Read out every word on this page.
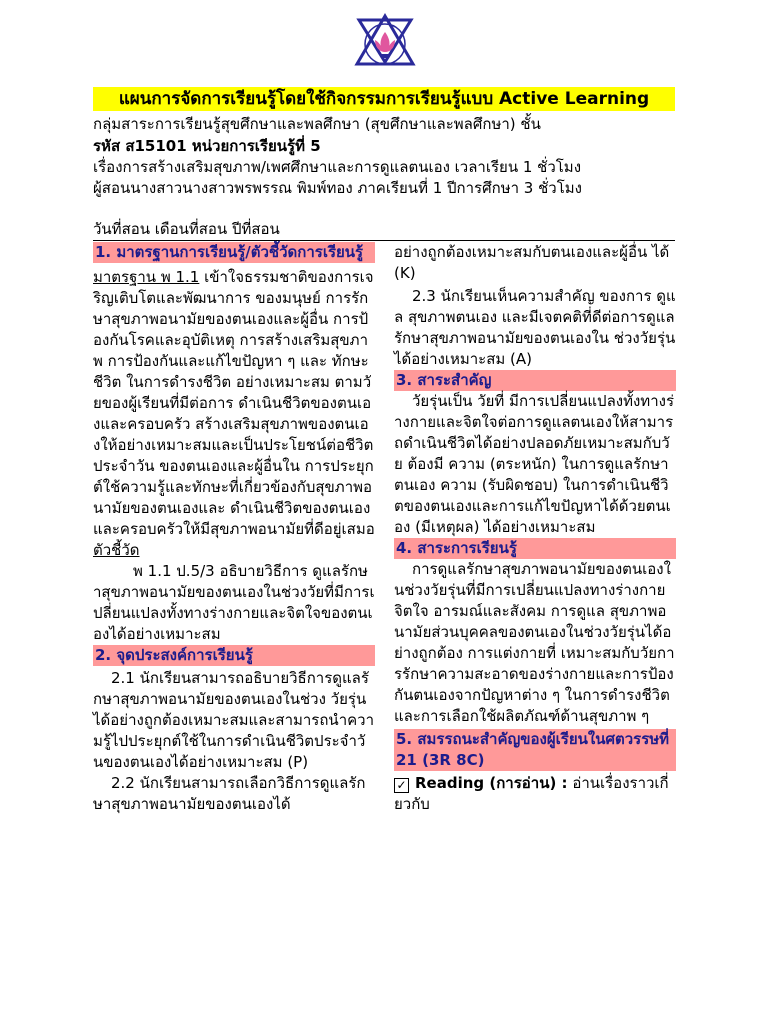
แผนการจัดการเรียนรู้โดยใช้กิจกรรมการเรียนรู้แบบ Active Learning
กลุ่มสาระการเรียนรู้สุขศึกษาและพลศึกษา (สุขศึกษาและพลศึกษา) ชั้น
รหัส ส15101 หน่วยการเรียนรู้ที่ 5
เรื่องการสร้างเสริมสุขภาพ/เพศศึกษาและการดูแลตนเอง เวลาเรียน 1 ชั่วโมง
ผู้สอนนางสาวนางสาวพรพรรณ พิมพ์ทอง ภาคเรียนที่ 1 ปีการศึกษา 3 ชั่วโมง
วันที่สอน เดือนที่สอน ปีที่สอน

1. มาตรฐานการเรียนรู้/ตัวชี้วัดการเรียนรู้

มาตรฐาน พ 1.1 เข้าใจธรรมชาติของการเจริญเติบโตและพัฒนาการ ของมนุษย์ การรักษาสุขภาพอนามัยของตนเองและผู้อื่น การป้องกันโรคและอุบัติเหตุ การสร้างเสริมสุขภาพ การป้องกันและแก้ไขปัญหา ๆ และ ทักษะชีวิต ในการดำรงชีวิต อย่างเหมาะสม ตามวัยของผู้เรียนที่มีต่อการ ดำเนินชีวิตของตนเองและครอบครัว สร้างเสริมสุขภาพของตนเองให้อย่างเหมาะสมและเป็นประโยชน์ต่อชีวิตประจำวัน ของตนเองและผู้อื่นใน การประยุกต์ใช้ความรู้และทักษะที่เกี่ยวข้องกับสุขภาพอนามัยของตนเองและ ดำเนินชีวิตของตนเองและครอบครัวให้มีสุขภาพอนามัยที่ดีอยู่เสมอ

ตัวชี้วัด

พ 1.1 ป.5/3 อธิบายวิธีการ ดูแลรักษาสุขภาพอนามัยของตนเองในช่วงวัยที่มีการเปลี่ยนแปลงทั้งทางร่างกายและจิตใจของตนเองได้อย่างเหมาะสม

2. จุดประสงค์การเรียนรู้

2.1 นักเรียนสามารถอธิบายวิธีการดูแลรักษาสุขภาพอนามัยของตนเองในช่วง วัยรุ่น ได้อย่างถูกต้องเหมาะสมและสามารถนำความรู้ไปประยุกต์ใช้ในการดำเนินชีวิตประจำวันของตนเองได้อย่างเหมาะสม (P)

2.2 นักเรียนสามารถเลือกวิธีการดูแลรักษาสุขภาพอนามัยของตนเองได้

อย่างถูกต้องเหมาะสมกับตนเองและผู้อื่น ได้ (K)

2.3 นักเรียนเห็นความสำคัญ ของการ ดูแล สุขภาพตนเอง และมีเจตคติที่ดีต่อการดูแลรักษาสุขภาพอนามัยของตนเองใน ช่วงวัยรุ่น ได้อย่างเหมาะสม (A)

3. สาระสำคัญ

วัยรุ่นเป็น วัยที่ มีการเปลี่ยนแปลงทั้งทางร่างกายและจิตใจต่อการดูแลตนเองให้สามารถดำเนินชีวิตได้อย่างปลอดภัยเหมาะสมกับวัย ต้องมี ความ (ตระหนัก) ในการดูแลรักษาตนเอง ความ (รับผิดชอบ) ในการดำเนินชีวิตของตนเองและการแก้ไขปัญหาได้ด้วยตนเอง (มีเหตุผล) ได้อย่างเหมาะสม

4. สาระการเรียนรู้

การดูแลรักษาสุขภาพอนามัยของตนเองในช่วงวัยรุ่นที่มีการเปลี่ยนแปลงทางร่างกาย จิตใจ อารมณ์และสังคม การดูแล สุขภาพอนามัยส่วนบุคคลของตนเองในช่วงวัยรุ่นได้อย่างถูกต้อง การแต่งกายที่ เหมาะสมกับวัยการรักษาความสะอาดของร่างกายและการป้องกันตนเองจากปัญหาต่าง ๆ ในการดำรงชีวิตและการเลือกใช้ผลิตภัณฑ์ด้านสุขภาพ ๆ

5. สมรรถนะสำคัญของผู้เรียนในศตวรรษที่ 21 (3R 8C)

✓ Reading (การอ่าน) : อ่านเรื่องราวเกี่ยวกับ
